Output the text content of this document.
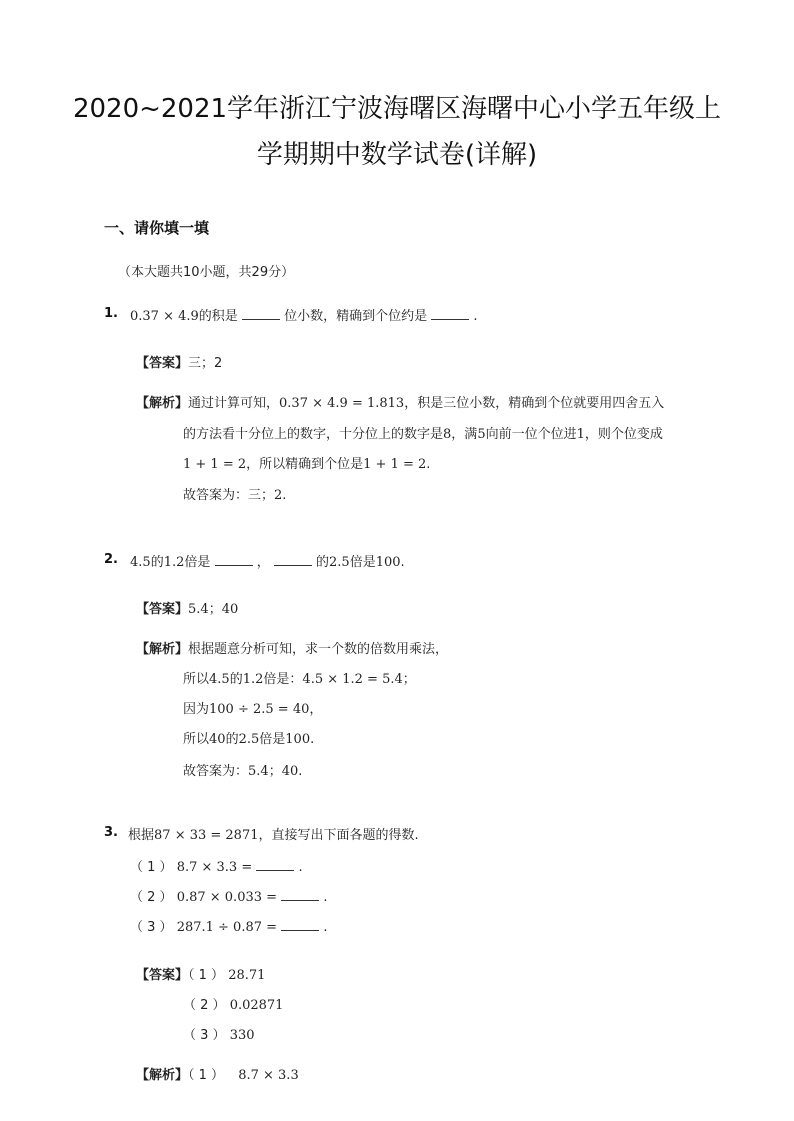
2020~2021学年浙江宁波海曙区海曙中心小学五年级上
学期期中数学试卷(详解)
一、请你填一填
（本大题共10小题，共29分）
1. 0.37 × 4.9的积是	位小数，精确到个位约是	.
【答案】三；2
【解析】通过计算可知，0.37 × 4.9 = 1.813，积是三位小数，精确到个位就要用四舍五入
的方法看十分位上的数字，十分位上的数字是8，满5向前一位个位进1，则个位变成
1 + 1 = 2，所以精确到个位是1 + 1 = 2.
故答案为：三；2.
2. 4.5的1.2倍是	，	的2.5倍是100.
【答案】5.4；40
【解析】根据题意分析可知，求一个数的倍数用乘法，
所以4.5的1.2倍是：4.5 × 1.2 = 5.4；
因为100 ÷ 2.5 = 40，
所以40的2.5倍是100.
故答案为：5.4；40.
3. 根据87 × 33 = 2871，直接写出下面各题的得数.
（ 1 ） 8.7 × 3.3 =	.
（ 2 ） 0.87 × 0.033 =	.
（ 3 ） 287.1 ÷ 0.87 =	.
【答案】（ 1 ） 28.71
（ 2 ） 0.02871
（ 3 ） 330
【解析】（ 1 ） 8.7 × 3.3
